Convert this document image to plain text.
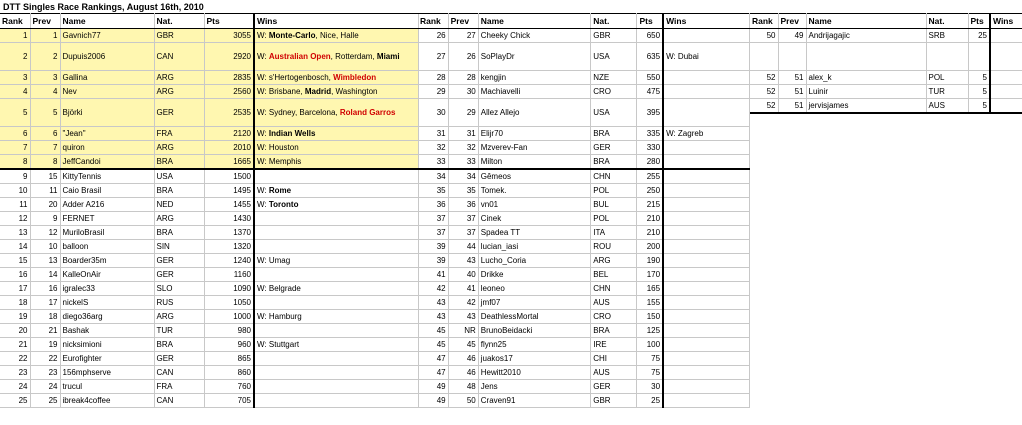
DTT Singles Race Rankings, August 16th, 2010
Rank	Prev	Name	Nat.	Pts	Wins
1	1	Gavnich77	GBR	3055	W: Monte-Carlo, Nice, Halle
2	2	Dupuis2006	CAN	2920	W: Australian Open, Rotterdam, Miami
3	3	Gallina	ARG	2835	W: s'Hertogenbosch, Wimbledon
4	4	Nev	ARG	2560	W: Brisbane, Madrid, Washington
5	5	Björki	GER	2535	W: Sydney, Barcelona, Roland Garros
6	6	"Jean"	FRA	2120	W: Indian Wells
7	7	quiron	ARG	2010	W: Houston
8	8	JeffCandoi	BRA	1665	W: Memphis
9	15	KittyTennis	USA	1500	
10	11	Caio Brasil	BRA	1495	W: Rome
11	20	Adder A216	NED	1455	W: Toronto
12	9	FERNET	ARG	1430	
13	12	MuriloBrasil	BRA	1370	
14	10	balloon	SIN	1320	
15	13	Boarder35m	GER	1240	W: Umag
16	14	KalleOnAir	GER	1160	
17	16	igralec33	SLO	1090	W: Belgrade
18	17	nickelS	RUS	1050	
19	18	diego36arg	ARG	1000	W: Hamburg
20	21	Bashak	TUR	980	
21	19	nicksimioni	BRA	960	W: Stuttgart
22	22	Eurofighter	GER	865	
23	23	156mphserve	CAN	860	
24	24	trucul	FRA	760	
25	25	ibreak4coffee	CAN	705	
Rank	Prev	Name	Nat.	Pts	Wins
26	27	Cheeky Chick	GBR	650	
27	26	SoPlayDr	USA	635	W: Dubai
28	28	kengjin	NZE	550	
29	30	Machiavelli	CRO	475	
30	29	Allez Allejo	USA	395	
31	31	Elijr70	BRA	335	W: Zagreb
32	32	Mzverev-Fan	GER	330	
33	33	Milton	BRA	280	
34	34	Gêmeos	CHN	255	
35	35	Tomek.	POL	250	
36	36	vn01	BUL	215	
37	37	Cinek	POL	210	
37	37	Spadea TT	ITA	210	
39	44	lucian_iasi	ROU	200	
39	43	Lucho_Coria	ARG	190	
41	40	Drikke	BEL	170	
42	41	leoneo	CHN	165	
43	42	jmf07	AUS	155	
43	43	DeathlessMortal	CRO	150	
45	NR	BrunoBeidacki	BRA	125	
45	45	flynn25	IRE	100	
47	46	juakos17	CHI	75	
47	46	Hewitt2010	AUS	75	
49	48	Jens	GER	30	
49	50	Craven91	GBR	25	
Rank	Prev	Name	Nat.	Pts	Wins
50	49	Andrijagajic	SRB	25	

52	51	alex_k	POL	5	
52	51	Luinir	TUR	5	
52	51	jervisjames	AUS	5	
